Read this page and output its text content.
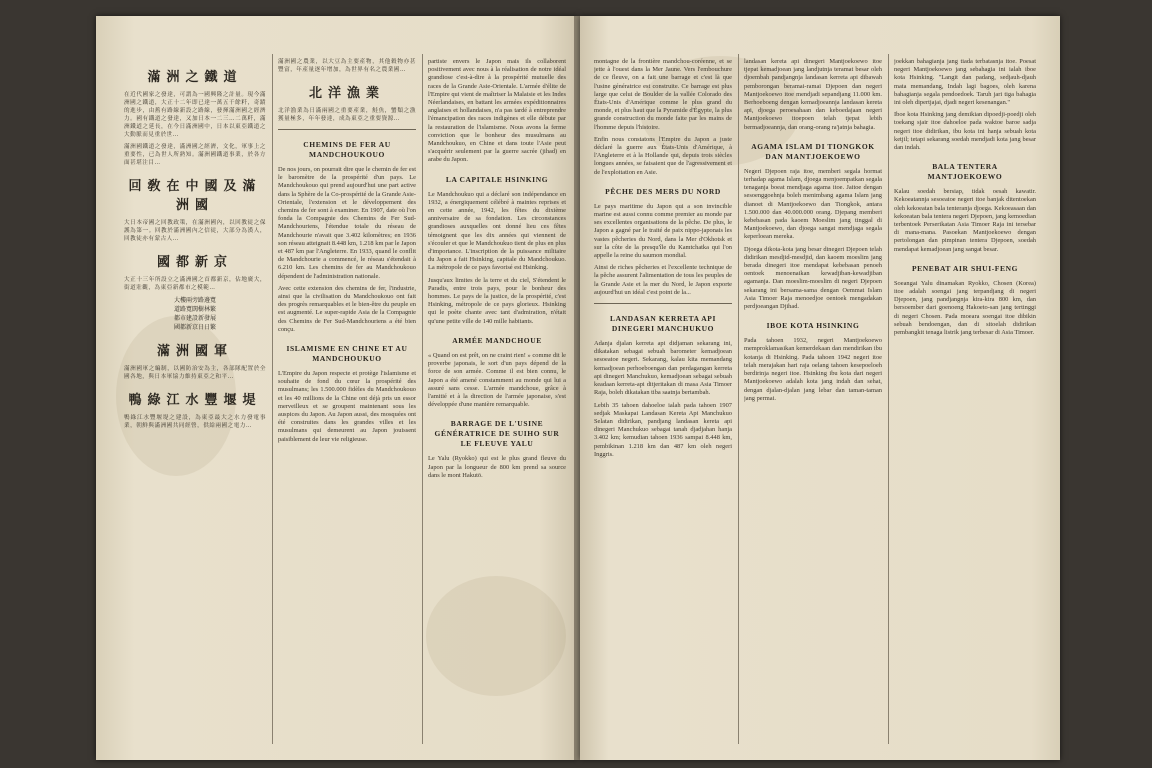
滿洲之鐵道

在近代國家之發達，可謂為一國興隆之計量。現今滿洲國之鐵道，大正十二年即已達一萬五千餘粁，奇蹟的進步，由舊有路線新設之路線，發揮滿洲國之經濟力。國有鐵道之發達，又加日本一二三…二萬粁，滿洲鐵道之延長，在今日滿洲國中，日本以東亞鐵道之大動脈而見重於世…

滿洲國鐵道之發達，滿洲國之經濟，文化，軍事上之重要性，已為世人所熟知。滿洲國鐵道事業，於各方面甚堪注目…

回敎在中國及滿洲國

大日本帝國之回教政策，在滿洲國內，以回教徒之保護為第一。回教於滿洲國內之信徒，大部分為漢人，回教徒亦有蒙古人…

國都新京

大正十三年所設立之滿洲國之首都新京，佔地廣大，街道壯觀，為東亞新都市之模範…

大樓兩旁路邊寬
道路寬闊樹林繁
都市建設新發展
國都新京日日繁
滿洲國軍

滿洲國軍之編制，以國防治安為主，各部隊配置於全國各地，與日本軍協力維持東亞之和平…

鴨綠江水豐堰堤

鴨綠江水豐堰堤之建設，為東亞最大之水力發電事業，朝鮮與滿洲國共同經營，供給兩國之電力…

滿洲國之農業，以大豆為主要產物，其他穀物亦甚豐富，年產量逐年增加，為世界有名之農業國…

北洋漁業

北洋漁業為日滿兩國之重要產業，鮭魚，蟹類之漁獲量極多，年年發達，成為東亞之重要資源…

CHEMINS DE FER AU MANDCHOUKOUO

De nos jours, on pourrait dire que le chemin de fer est le baromètre de la prospérité d'un pays. Le Mandchoukouo qui prend aujourd'hui une part active dans la Sphère de la Co-prospérité de la Grande Asie-Orientale, l'extension et le développement des chemins de fer sont à examiner. En 1907, date où l'on fonda la Compagnie des Chemins de Fer Sud-Mandchouriens, l'étendue totale du réseau de Mandchourie n'avait que 3.402 kilomètres; en 1936 son réseau atteignait 8.448 km, 1.218 km par le Japon et 487 km par l'Angleterre. En 1933, quand le conflit de Mandchourie a commencé, le réseau s'étendait à 6.210 km. Les chemins de fer au Mandchoukouo dépendent de l'administration nationale.

Avec cette extension des chemins de fer, l'industrie, ainsi que la civilisation du Mandchoukouo ont fait des progrès remarquables et le bien-être du peuple en est augmenté. Le super-rapide Asia de la Compagnie des Chemins de Fer Sud-Mandchouriens a été bien conçu.

ISLAMISME EN CHINE ET AU MANDCHOUKUO

L'Empire du Japon respecte et protège l'islamisme et souhaite de fond du cœur la prospérité des musulmans; les 1.500.000 fidèles du Mandchoukouo et les 40 millions de la Chine ont déjà pris un essor merveilleux et se groupent maintenant sous les auspices du Japon. Au Japon aussi, des mosquées ont été construites dans les grandes villes et les musulmans qui demeurent au Japon jouissent paisiblement de leur vie religieuse.

partiste envers le Japon mais ils collaborent positivement avec nous à la réalisation de notre idéal grandiose c'est-à-dire à la prospérité mutuelle des races de la Grande Asie-Orientale. L'armée d'élite de l'Empire qui vient de maîtriser la Malaisie et les Indes Néerlandaises, en battant les armées expéditionnaires anglaises et hollandaises, n'a pas tardé à entreprendre l'émancipation des races indigènes et elle débute par la restauration de l'islamisme. Nous avons la ferme conviction que le bonheur des musulmans au Mandchoukuo, en Chine et dans toute l'Asie peut s'acquérir seulement par la guerre sacrée (jihad) en arabe du Japon.

LA CAPITALE HSINKING

Le Mandchoukuo qui a déclaré son indépendance en 1932, a énergiquement célébré à maintes reprises et en cette année, 1942, les fêtes du dixième anniversaire de sa fondation. Les circonstances grandioses auxquelles ont donné lieu ces fêtes témoignent que les dix années qui viennent de s'écouler et que le Mandchoukuo tient de plus en plus d'importance. L'inscription de la puissance militaire du Japon a fait Hsinking, capitale du Mandchoukuo. La métropole de ce pays favorisé est Hsinking.

Jusqu'aux limites de la terre et du ciel, S'étendent le Paradis, entre trois pays, pour le bonheur des hommes. Le pays de la justice, de la prospérité, c'est Hsinking, métropole de ce pays glorieux. Hsinking qui le poète chante avec tant d'admiration, n'était qu'une petite ville de 140 mille habitants.

ARMÉE MANDCHOUE

« Quand on est prêt, on ne craint rien! » comme dit le proverbe japonais, le sort d'un pays dépend de la force de son armée. Comme il est bien connu, le Japon a été amené constamment au monde qui lui a assuré sans cesse. L'armée mandchoue, grâce à l'amitié et à la direction de l'armée japonaise, s'est développée d'une manière remarquable.

BARRAGE DE L'USINE GÉNÉRATRICE DE SUIHO SUR LE FLEUVE YALU

Le Yalu (Ryokko) qui est le plus grand fleuve du Japon par la longueur de 800 km prend sa source dans le mont Hakutō.

montagne de la frontière mandchou-coréenne, et se jette à l'ouest dans la Mer Jaune. Vers l'embouchure de ce fleuve, on a fait une barrage et c'est là que l'usine génératrice est construite. Ce barrage est plus large que celui de Boulder de la vallée Colorado des États-Unis d'Amérique comme le plus grand du monde, et plus haut que la Pyramide d'Égypte, la plus grande construction du monde faite par les mains de l'homme depuis l'histoire.

Enfin nous constatons l'Empire du Japon a juste déclaré la guerre aux États-Unis d'Amérique, à l'Angleterre et à la Hollande qui, depuis trois siècles longues années, se faisaient que de l'agressivement et de l'exploitation en Asie.

PÊCHE DES MERS DU NORD

Le pays maritime du Japon qui a son invincible marine est aussi connu comme premier au monde par ses excellentes organisations de la pêche. De plus, le Japon a gagné par le traité de paix nippo-japonais les vastes pêcheries du Nord, dans la Mer d'Okhotsk et sur la côte de la presqu'île du Kamtchatka qui l'on appelle la reine du saumon mondial.

Ainsi de riches pêcheries et l'excellente technique de la pêche assurent l'alimentation de tous les peuples de la Grande Asie et la mer du Nord, le Japon exporte aujourd'hui un idéal c'est point de la...

LANDASAN KERRETA API DINEGERI MANCHUKUO

Adanja djalan kerreta api didjaman sekarang ini, dikatakan sebagai sebuah barometer kemadjoean sesoeatoe negeri. Sekarang, kalau kita memandang kemadjoean perhoeboengan dan perdagangan kerreta api dinegeri Manchukuo, kemadjoean sebagai sebuah keadaan kerreta-api ditjeritakan di masa Asia Timoer Raja, boleh dikatakan tiba saatnja bertambah.

Lebih 35 tahoen dahoeloe ialah pada tahoen 1907 sedjak Maskapai Landasan Kereta Api Manchukuo Selatan didirikan, pandjang landasan kereta api dinegeri Manchukuo sebagai tanah djadjahan hanja 3.402 km; kemudian tahoen 1936 sampai 8.448 km, pembikinan 1.218 km dan 487 km oleh negeri Inggris.

landasan kereta api dinegeri Mantjoekoewo itoe tjepat kemadjoean jang landjutnja teramat besar oleh djoembah pandjangnja landasan kerreta api dibawah pemborongan beramai-ramai Djepoen dan negeri Mantjoekoewo itoe mendjadi sepandjang 11.000 km. Berhoeboeng dengan kemadjoeannja landasan kereta api, djoega peroesahaan dan keboedajaan negeri Mantjoekoewo itoepoen telah tjepat lebih bermadjoeannja, dan orang-orang ra'jatnja bahagia.

AGAMA ISLAM DI TIONGKOK DAN MANTJOEKOEWO

Negeri Djepoen raja itoe, memberi segala hormat terhadap agama Islam, djoega menjoempatkan segala tenaganja boeat mendjaga agama itoe. Jaitoe dengan sesoenggoehnja boleh menimbang agama Islam jang dianoet di Mantjoekoewo dan Tiongkok, antara 1.500.000 dan 40.000.000 orang. Djepang memberi kebebasan pada kaoem Moeslim jang tinggal di Mantjoekoewo, dan djoega sangat mendjaga segala keperloean mereka.

Djoega dikota-kota jang besar dinegeri Djepoen telah didirikan mesdjid-mesdjid, dan kaoem moeslim jang berada dinegeri itoe mendapat kebebasan penoeh oentoek menoenaikan kewadjiban-kewadjiban agamanja. Dan moeslim-moeslim di negeri Djepoen sekarang ini bersama-sama dengan Oemmat Islam Asia Timoer Raja menoedjoe oentoek mengadakan perdjoeangan Djihad.

IBOE KOTA HSINKING

Pada tahoen 1932, negeri Mantjoekoewo memproklamasikan kemerdekaan dan mendirikan ibu kotanja di Hsinking. Pada tahoen 1942 negeri itoe telah merajakan hari raja oelang tahoen kesepoeloeh berdirinja negeri itoe. Hsinking ibu kota dari negeri Mantjoekoewo adalah kota jang indah dan sehat, dengan djalan-djalan jang lebar dan taman-taman jang permai.

joekkan bahagianja jang tiada terbatasnja itoe. Poesat negeri Mantjoekoewo jang sebahagia ini ialah iboe kota Hsinking. "Langit dan padang, sedjauh-djauh mata memandang, Indah lagi bagoes, oleh karena bahagianja segala pendoedoek. Taruh jari tiga bahagia ini oleh dipertjajai, djadi negeri kesenangan."

Iboe kota Hsinking jang demikian dipoedji-poedji oleh toekang sjair itoe dahoeloe pada waktoe baroe sadja negeri itoe didirikan, ibu kota ini hanja sebuah kota ketjil; tetapi sekarang soedah mendjadi kota jang besar dan indah.

BALA TENTERA MANTJOEKOEWO

Kalau soedah bersiap, tidak oesah kawatir. Kekoeatannja sesoeatoe negeri itoe banjak ditentoekan oleh kekoeatan bala tenteranja djoega. Kekoeasaan dan kekoeatan bala tentera negeri Djepoen, jang kemoedian terbentoek Perserikatan Asia Timoer Raja ini tersebar di mana-mana. Pasoekan Mantjoekoewo dengan pertolongan dan pimpinan tentera Djepoen, soedah mendapat kemadjoean jang sangat besar.

PENEBAT AIR SHUI-FENG

Soeangai Yalu dinamakan Ryokko, Chosen (Korea) itoe adalah soengai jang terpandjang di negeri Djepoen, jang pandjangnja kira-kira 800 km, dan bersoember dari goenoeng Hakoeto-san jang tertinggi di negeri Chosen. Pada moeara soengai itoe dibikin sebuah bendoengan, dan di sitoelah didirikan pembangkit tenaga listrik jang terbesar di Asia Timoer.
